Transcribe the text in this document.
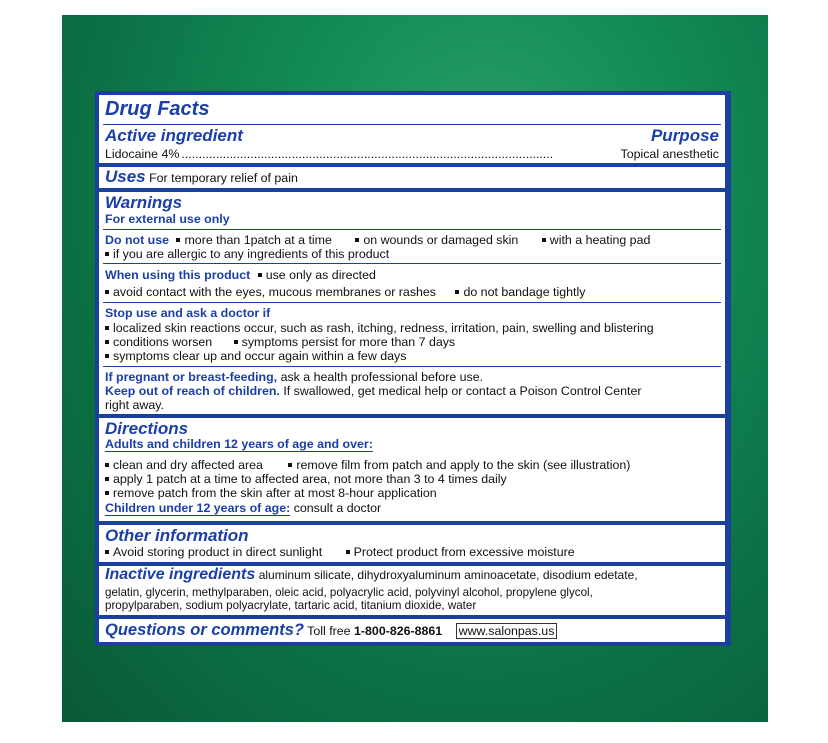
Drug Facts
Active ingredient	Purpose
Lidocaine 4% ............................................................................................................	Topical anesthetic
Uses For temporary relief of pain
Warnings
For external use only
Do not use more than 1patch at a time	on wounds or damaged skin	with a heating pad
if you are allergic to any ingredients of this product
When using this product use only as directed
avoid contact with the eyes, mucous membranes or rashes do not bandage tightly
Stop use and ask a doctor if
localized skin reactions occur, such as rash, itching, redness, irritation, pain, swelling and blistering
conditions worsen symptoms persist for more than 7 days
symptoms clear up and occur again within a few days
If pregnant or breast-feeding, ask a health professional before use.
Keep out of reach of children. If swallowed, get medical help or contact a Poison Control Center
right away.
Directions
Adults and children 12 years of age and over:
clean and dry affected area	remove film from patch and apply to the skin (see illustration)
apply 1 patch at a time to affected area, not more than 3 to 4 times daily
remove patch from the skin after at most 8-hour application
Children under 12 years of age: consult a doctor
Other information
Avoid storing product in direct sunlight	Protect product from excessive moisture
Inactive ingredients aluminum silicate, dihydroxyaluminum aminoacetate, disodium edetate,
gelatin, glycerin, methylparaben, oleic acid, polyacrylic acid, polyvinyl alcohol, propylene glycol,
propylparaben, sodium polyacrylate, tartaric acid, titanium dioxide, water
Questions or comments? Toll free 1-800-826-8861 www.salonpas.us
